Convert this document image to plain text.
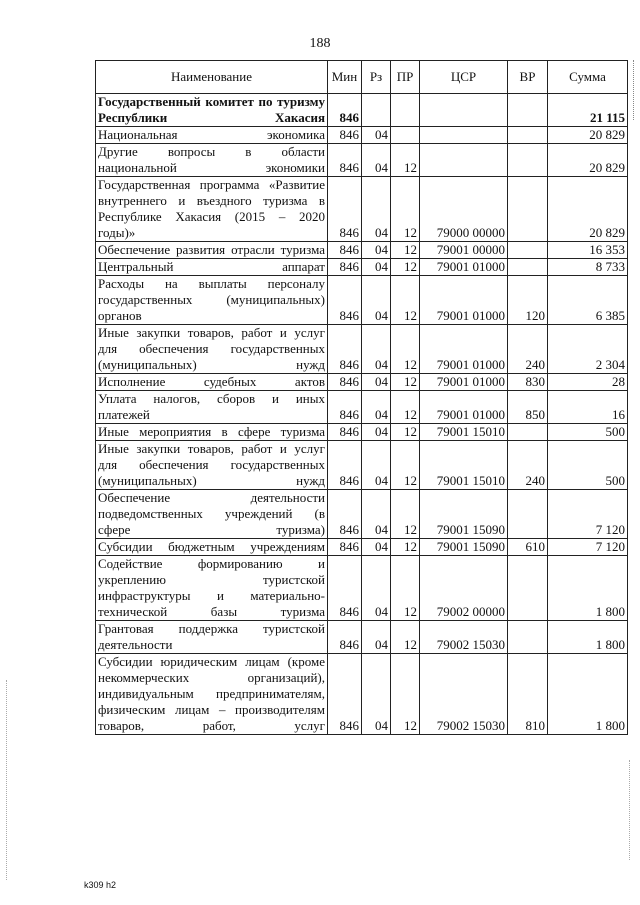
188
Наименование	Мин	Рз	ПР	ЦСР	ВР	Сумма
Государственный комитет по туризму Республики Хакасия	846					21 115
Национальная экономика	846	04				20 829
Другие вопросы в области национальной экономики	846	04	12			20 829
Государственная программа «Развитие внутреннего и въездного туризма в Республике Хакасия (2015 – 2020 годы)»	846	04	12	79000 00000		20 829
Обеспечение развития отрасли туризма	846	04	12	79001 00000		16 353
Центральный аппарат	846	04	12	79001 01000		8 733
Расходы на выплаты персоналу государственных (муниципальных) органов	846	04	12	79001 01000	120	6 385
Иные закупки товаров, работ и услуг для обеспечения государственных (муниципальных) нужд	846	04	12	79001 01000	240	2 304
Исполнение судебных актов	846	04	12	79001 01000	830	28
Уплата налогов, сборов и иных платежей	846	04	12	79001 01000	850	16
Иные мероприятия в сфере туризма	846	04	12	79001 15010		500
Иные закупки товаров, работ и услуг для обеспечения государственных (муниципальных) нужд	846	04	12	79001 15010	240	500
Обеспечение деятельности подведомственных учреждений (в сфере туризма)	846	04	12	79001 15090		7 120
Субсидии бюджетным учреждениям	846	04	12	79001 15090	610	7 120
Содействие формированию и укреплению туристской инфраструктуры и материально-технической базы туризма	846	04	12	79002 00000		1 800
Грантовая поддержка туристской деятельности	846	04	12	79002 15030		1 800
Субсидии юридическим лицам (кроме некоммерческих организаций), индивидуальным предпринимателям, физическим лицам – производителям товаров, работ, услуг	846	04	12	79002 15030	810	1 800
k309 h2
